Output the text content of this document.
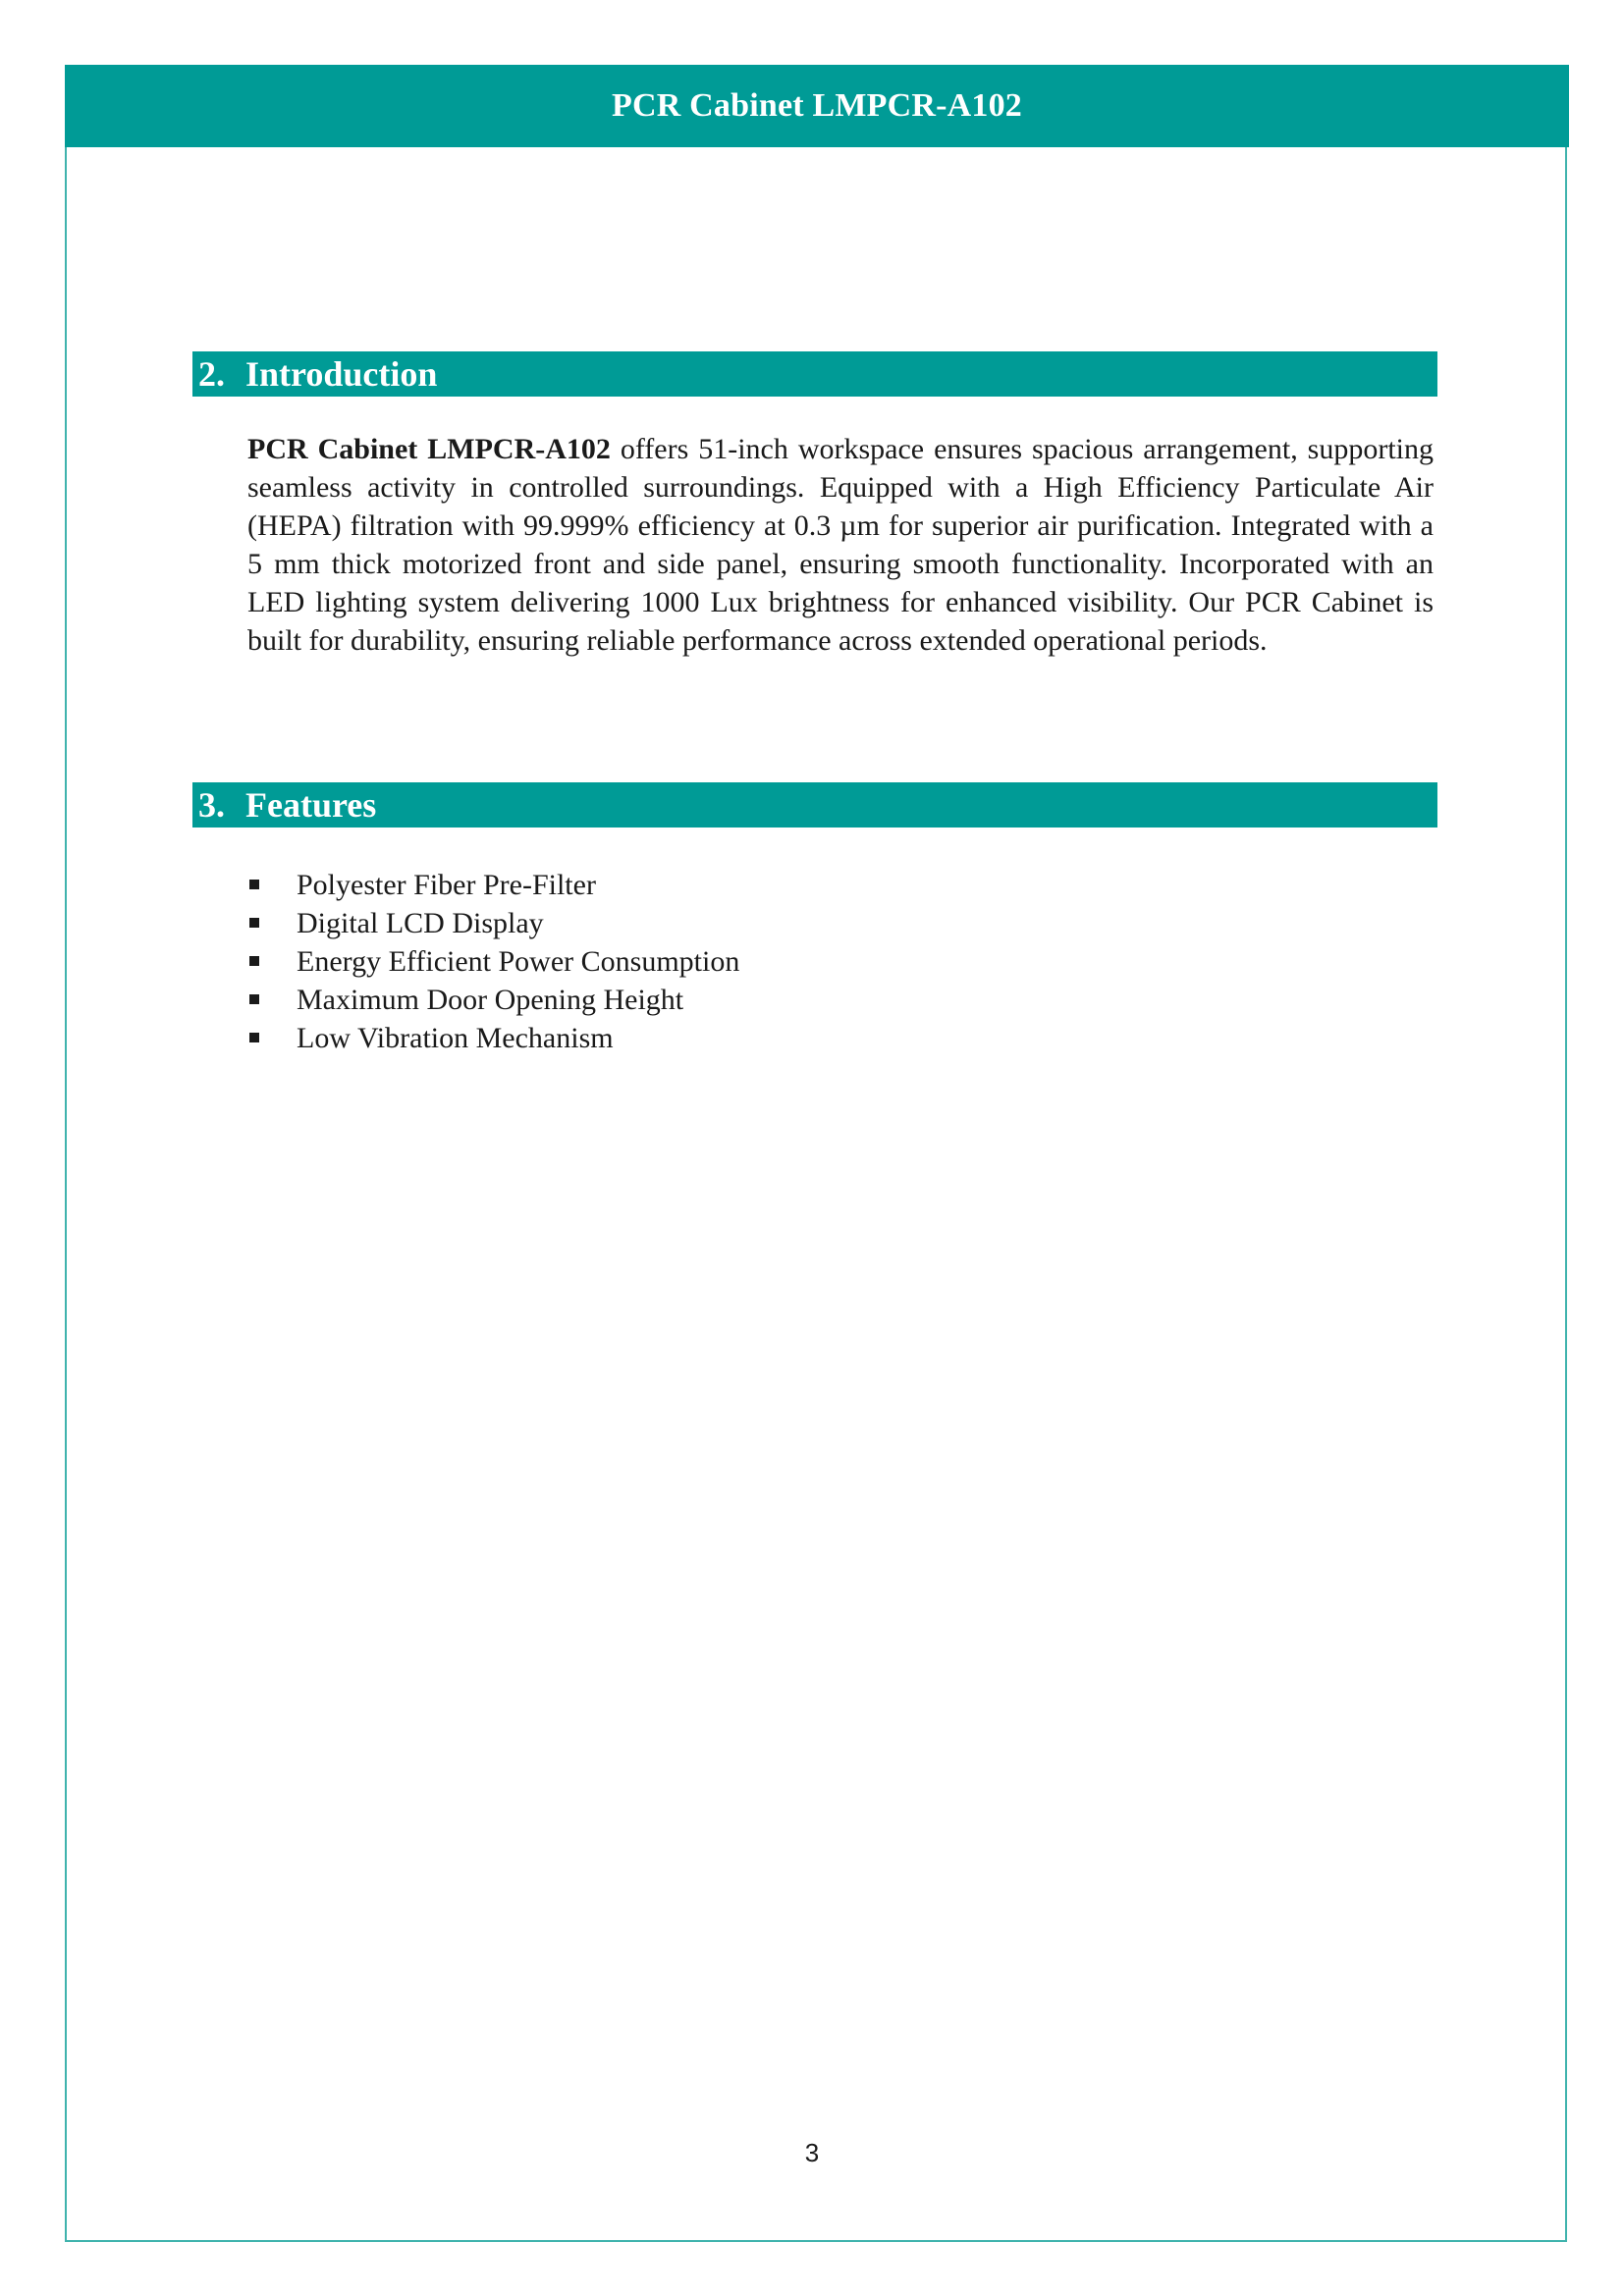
PCR Cabinet LMPCR-A102
2. Introduction

PCR Cabinet LMPCR-A102 offers 51-inch workspace ensures spacious arrangement, supporting seamless activity in controlled surroundings. Equipped with a High Efficiency Particulate Air (HEPA) filtration with 99.999% efficiency at 0.3 µm for superior air purification. Integrated with a 5 mm thick motorized front and side panel, ensuring smooth functionality. Incorporated with an LED lighting system delivering 1000 Lux brightness for enhanced visibility. Our PCR Cabinet is built for durability, ensuring reliable performance across extended operational periods.

3. Features
Polyester Fiber Pre-Filter
Digital LCD Display
Energy Efficient Power Consumption
Maximum Door Opening Height
Low Vibration Mechanism
3
